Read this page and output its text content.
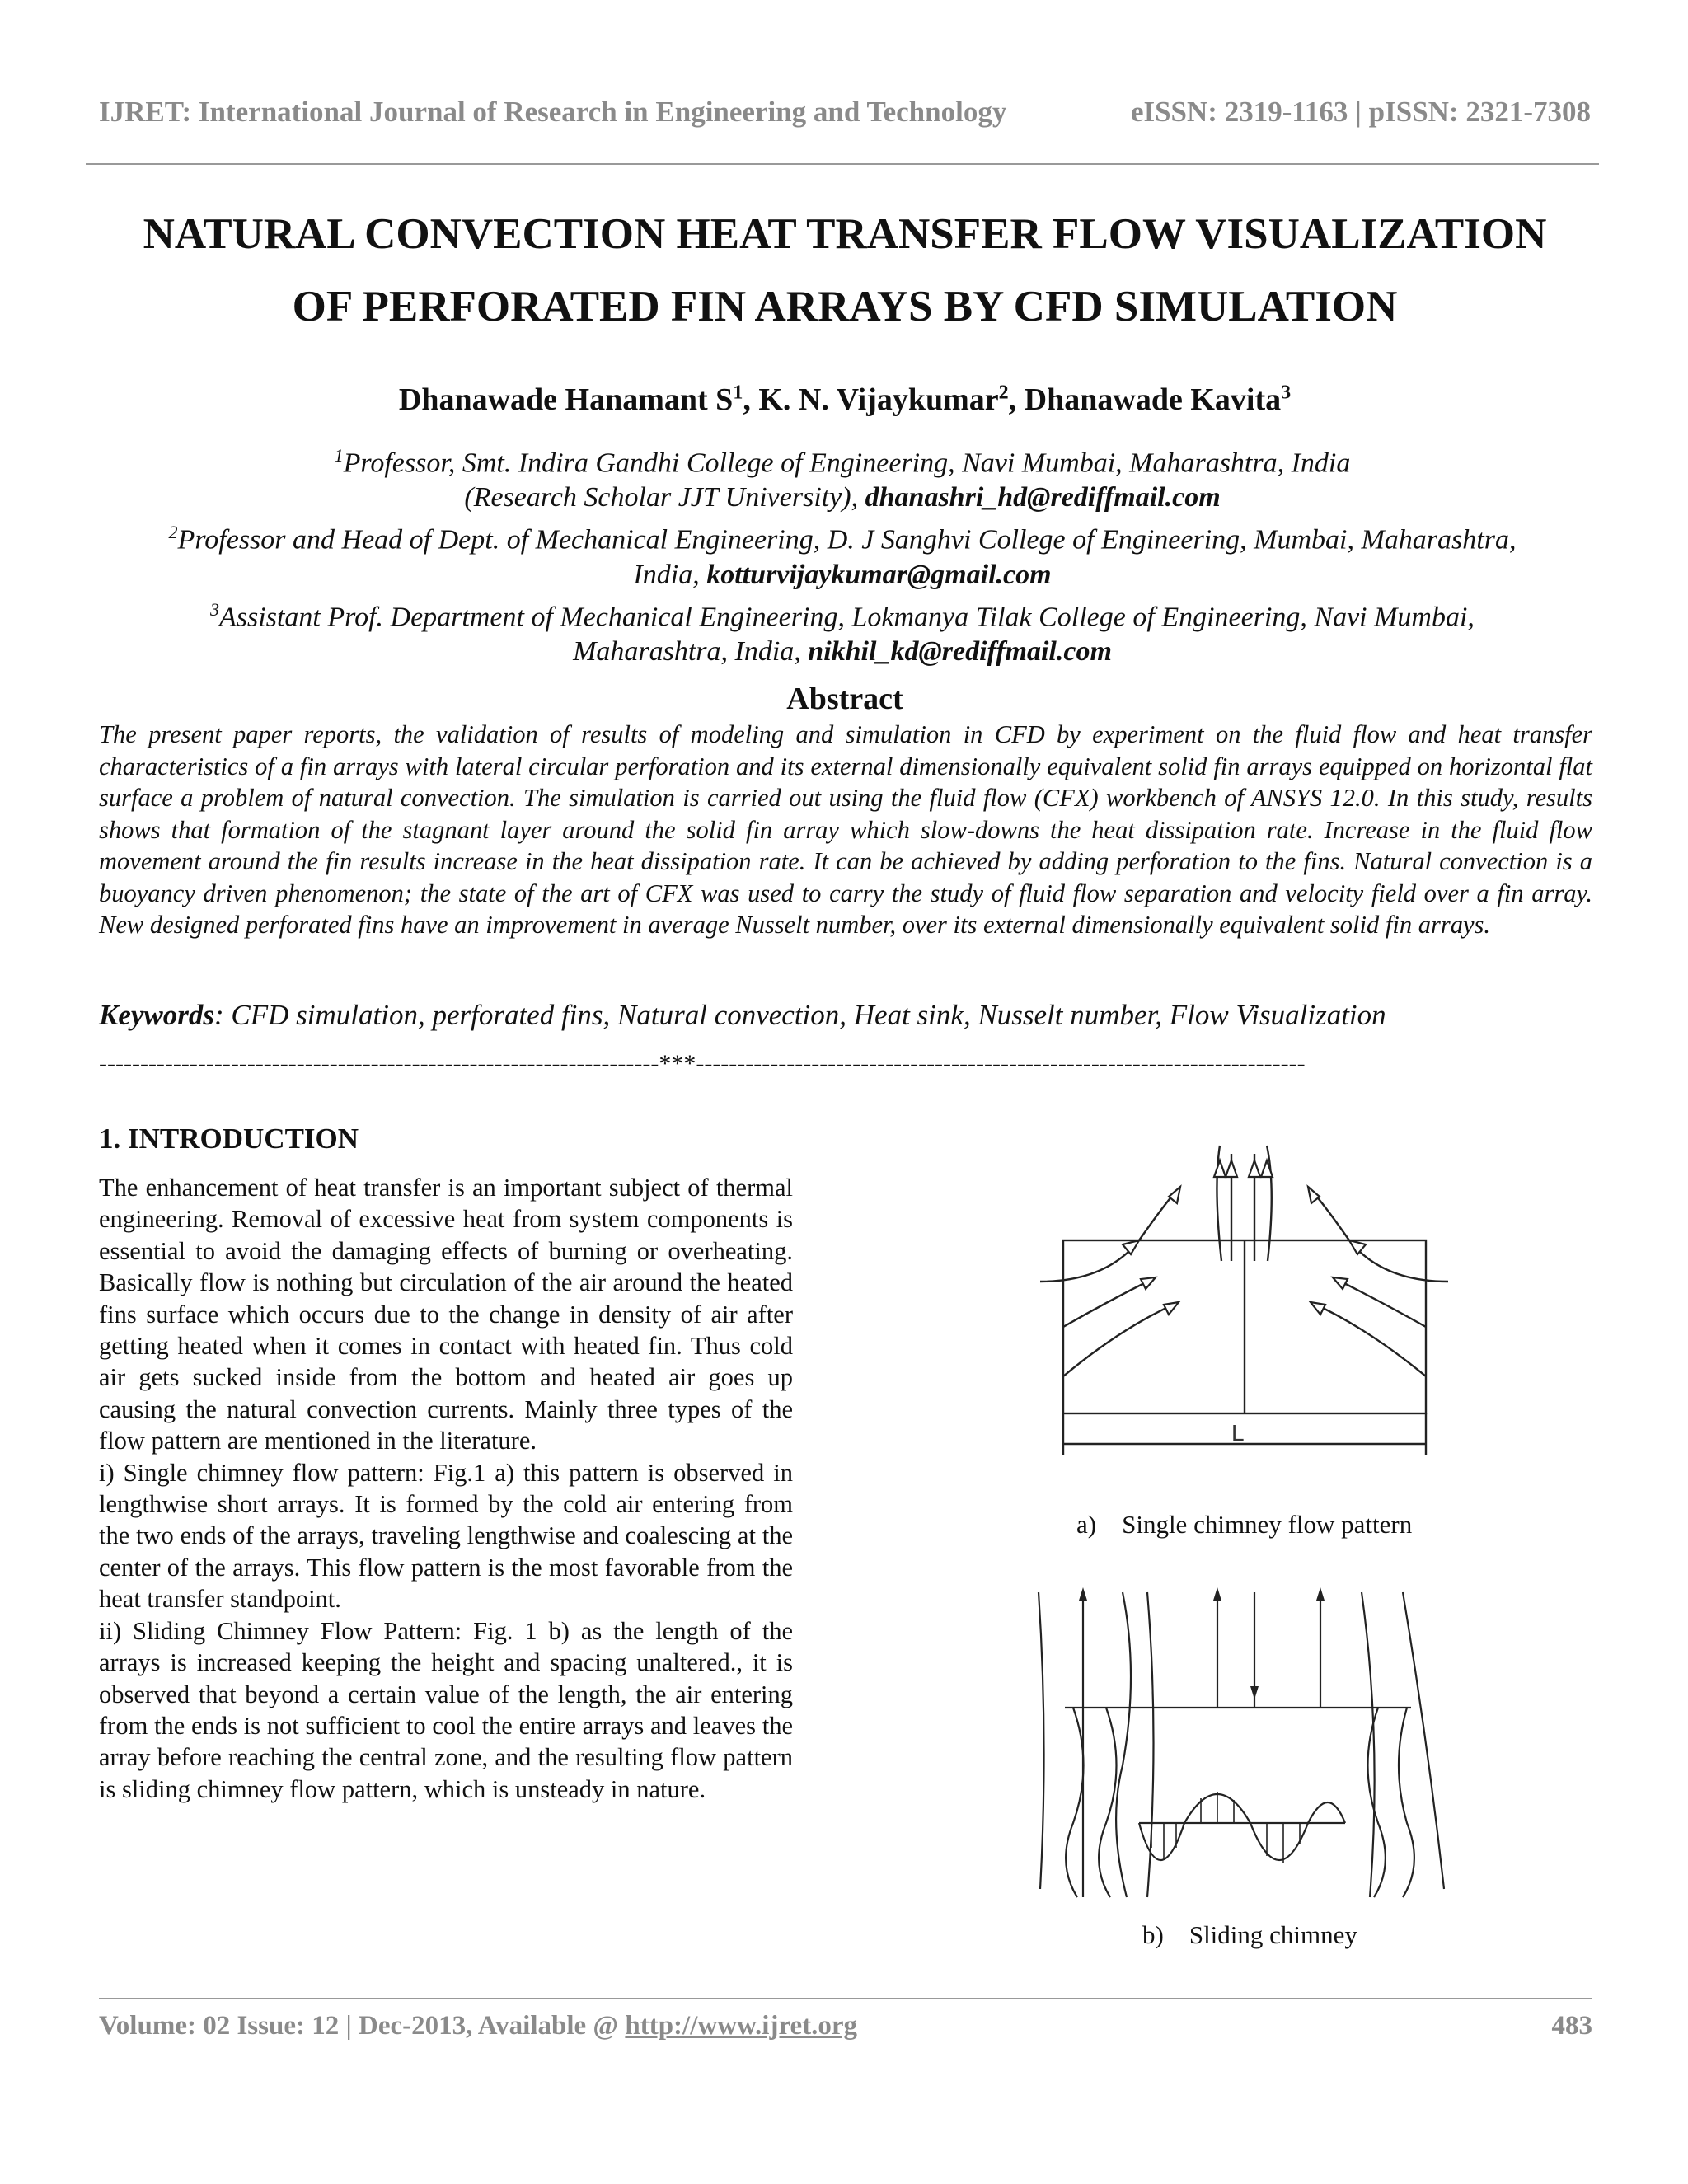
IJRET: International Journal of Research in Engineering and Technology	eISSN: 2319-1163 | pISSN: 2321-7308
NATURAL CONVECTION HEAT TRANSFER FLOW VISUALIZATION
OF PERFORATED FIN ARRAYS BY CFD SIMULATION
Dhanawade Hanamant $S^1$, K. N. Vijaykumar$^2$, Dhanawade Kavita$^3$
$^1$Professor, Smt. Indira Gandhi College of Engineering, Navi Mumbai, Maharashtra, India
(Research Scholar JJT University), dhanashri_hd@rediffmail.com
$^2$Professor and Head of Dept. of Mechanical Engineering, D. J Sanghvi College of Engineering, Mumbai, Maharashtra,
India, kotturvijaykumar@gmail.com
$^3$Assistant Prof. Department of Mechanical Engineering, Lokmanya Tilak College of Engineering, Navi Mumbai,
Maharashtra, India, nikhil_kd@rediffmail.com
Abstract
The present paper reports, the validation of results of modeling and simulation in CFD by experiment on the fluid flow and heat transfer characteristics of a fin arrays with lateral circular perforation and its external dimensionally equivalent solid fin arrays equipped on horizontal flat surface a problem of natural convection. The simulation is carried out using the fluid flow (CFX) workbench of ANSYS 12.0. In this study, results shows that formation of the stagnant layer around the solid fin array which slow-downs the heat dissipation rate. Increase in the fluid flow movement around the fin results increase in the heat dissipation rate. It can be achieved by adding perforation to the fins. Natural convection is a buoyancy driven phenomenon; the state of the art of CFX was used to carry the study of fluid flow separation and velocity field over a fin array. New designed perforated fins have an improvement in average Nusselt number, over its external dimensionally equivalent solid fin arrays.
Keywords: CFD simulation, perforated fins, Natural convection, Heat sink, Nusselt number, Flow Visualization
--------------------------------------------------------------------***--------------------------------------------------------------------------
1. INTRODUCTION

The enhancement of heat transfer is an important subject of thermal engineering. Removal of excessive heat from system components is essential to avoid the damaging effects of burning or overheating. Basically flow is nothing but circulation of the air around the heated fins surface which occurs due to the change in density of air after getting heated when it comes in contact with heated fin. Thus cold air gets sucked inside from the bottom and heated air goes up causing the natural convection currents. Mainly three types of the flow pattern are mentioned in the literature.

i) Single chimney flow pattern: Fig.1 a) this pattern is observed in lengthwise short arrays. It is formed by the cold air entering from the two ends of the arrays, traveling lengthwise and coalescing at the center of the arrays. This flow pattern is the most favorable from the heat transfer standpoint.

ii) Sliding Chimney Flow Pattern: Fig. 1 b) as the length of the arrays is increased keeping the height and spacing unaltered., it is observed that beyond a certain value of the length, the air entering from the ends is not sufficient to cool the entire arrays and leaves the array before reaching the central zone, and the resulting flow pattern is sliding chimney flow pattern, which is unsteady in nature.

L
a) Single chimney flow pattern
b) Sliding chimney
Volume: 02 Issue: 12 | Dec-2013, Available @ http://www.ijret.org	483
